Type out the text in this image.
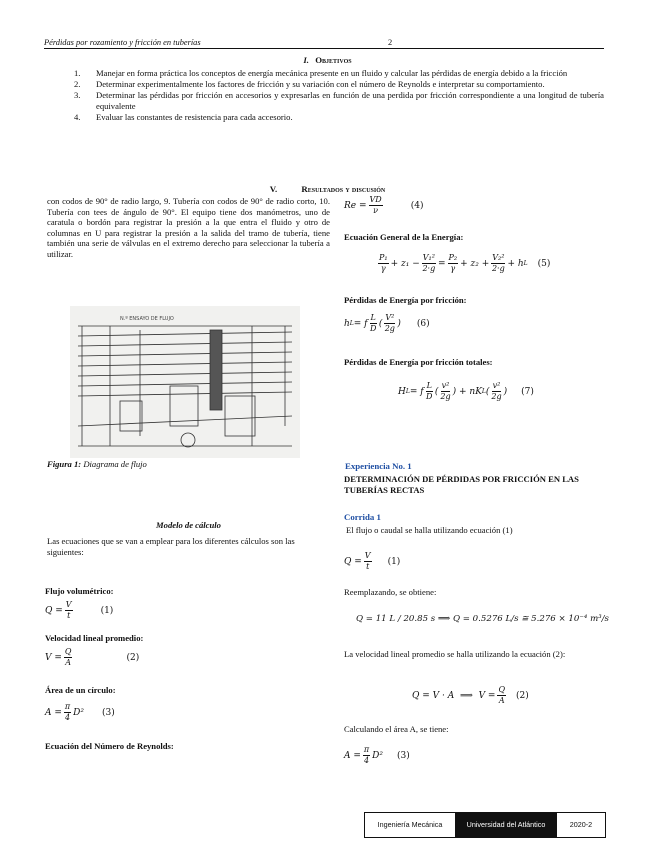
Pérdidas por rozamiento y fricción en tuberías	2
I. Objetivos
1. Manejar en forma práctica los conceptos de energía mecánica presente en un fluido y calcular las pérdidas de energía debido a la fricción
2. Determinar experimentalmente los factores de fricción y su variación con el número de Reynolds e interpretar su comportamiento.
3. Determinar las pérdidas por fricción en accesorios y expresarlas en función de una perdida por fricción correspondiente a una longitud de tubería equivalente
4. Evaluar las constantes de resistencia para cada accesorio.
V.	Resultados y discusión
con codos de 90° de radio largo, 9. Tubería con codos de 90° de radio corto, 10. Tubería con tees de ángulo de 90°. El equipo tiene dos manómetros, uno de caratula o bordón para registrar la presión a la que entra el fluido y otro de columnas en U para registrar la presión a la salida del tramo de tubería, tiene también una serie de válvulas en el extremo derecho para seleccionar la tubería a utilizar.
N.º ENSAYO DE FLUJO
Figura 1: Diagrama de flujo
Modelo de cálculo
Las ecuaciones que se van a emplear para los diferentes cálculos son las siguientes:
Flujo volumétrico:
$Q = \frac{V}{t}$	(1)
Velocidad lineal promedio:
$V = \frac{Q}{A}$	(2)
Área de un círculo:
$A = \frac{\pi}{4} D^2$ (3)
Ecuación del Número de Reynolds:
$Re = \frac{VD}{\nu}$	(4)
Ecuación General de la Energía:
$\frac{\text{P₁}}{\gamma} + z_1 - \frac{\text{V₁²}}{2\cdot g} = \frac{\text{P₂}}{\gamma} + z_2 + \frac{\text{V₂²}}{2\cdot g} + h$ L (5)
Pérdidas de Energía por fricción:
h L = f $\frac{L}{D}$ ( $\frac{\text{V²}}{2g}$ ) (6)
Pérdidas de Energía por fricción totales:
H L = f $\frac{L}{D}$ ( $\frac{\text{v²}}{2g}$ ) + nK L ( $\frac{\text{v²}}{2g}$ ) (7)
Experiencia No. 1
DETERMINACIÓN DE PÉRDIDAS POR FRICCIÓN EN LAS TUBERÍAS RECTAS
Corrida 1
El flujo o caudal se halla utilizando ecuación (1)
$Q = \frac{V}{t} (1)$
Reemplazando, se obtiene:
Q = 11 L / 20.85 s ⟹ Q = 0.5276 L/s ≅ 5.276 × 10⁻⁴ m³/s
La velocidad lineal promedio se halla utilizando la ecuación (2):
Q = V · A  ⟹  $V = \frac{Q}{A} (2)$
Calculando el área A, se tiene:
$A = \frac{\pi}{4} D^2$ (3)
Ingeniería Mecánica	Universidad del Atlántico	2020-2
